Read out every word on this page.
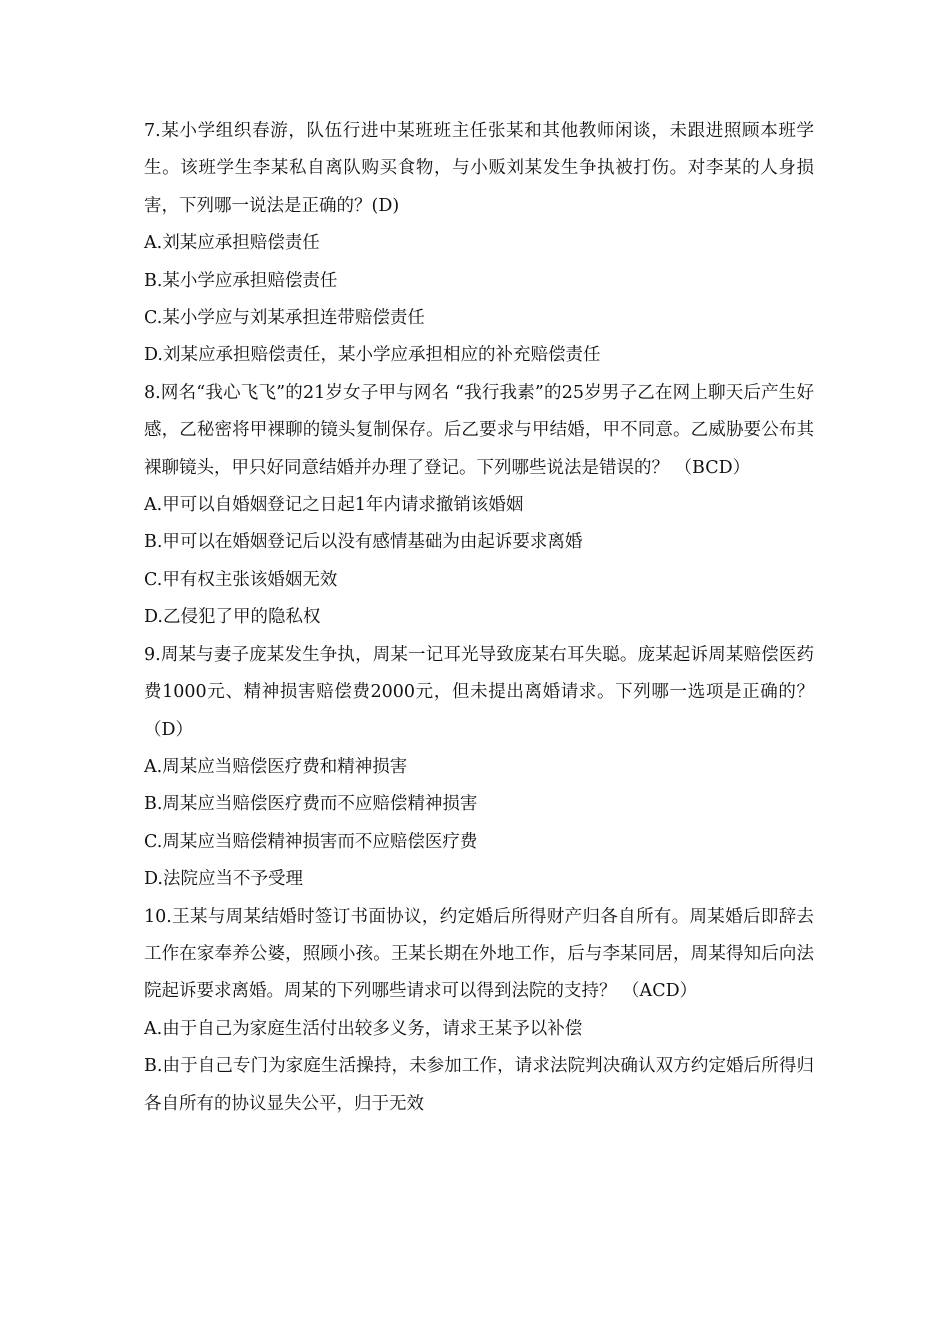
7.某小学组织春游，队伍行进中某班班主任张某和其他教师闲谈，未跟进照顾本班学生。该班学生李某私自离队购买食物，与小贩刘某发生争执被打伤。对李某的人身损害，下列哪一说法是正确的？(D)

A.刘某应承担赔偿责任

B.某小学应承担赔偿责任

C.某小学应与刘某承担连带赔偿责任

D.刘某应承担赔偿责任，某小学应承担相应的补充赔偿责任

8.网名“我心飞飞”的21岁女子甲与网名 “我行我素”的25岁男子乙在网上聊天后产生好感，乙秘密将甲裸聊的镜头复制保存。后乙要求与甲结婚，甲不同意。乙威胁要公布其裸聊镜头，甲只好同意结婚并办理了登记。下列哪些说法是错误的？ （BCD）

A.甲可以自婚姻登记之日起1年内请求撤销该婚姻

B.甲可以在婚姻登记后以没有感情基础为由起诉要求离婚

C.甲有权主张该婚姻无效

D.乙侵犯了甲的隐私权

9.周某与妻子庞某发生争执，周某一记耳光导致庞某右耳失聪。庞某起诉周某赔偿医药费1000元、精神损害赔偿费2000元，但未提出离婚请求。下列哪一选项是正确的？ （D）

A.周某应当赔偿医疗费和精神损害

B.周某应当赔偿医疗费而不应赔偿精神损害

C.周某应当赔偿精神损害而不应赔偿医疗费

D.法院应当不予受理

10.王某与周某结婚时签订书面协议，约定婚后所得财产归各自所有。周某婚后即辞去工作在家奉养公婆，照顾小孩。王某长期在外地工作，后与李某同居，周某得知后向法院起诉要求离婚。周某的下列哪些请求可以得到法院的支持？ （ACD）

A.由于自己为家庭生活付出较多义务，请求王某予以补偿

B.由于自己专门为家庭生活操持，未参加工作，请求法院判决确认双方约定婚后所得归各自所有的协议显失公平，归于无效
